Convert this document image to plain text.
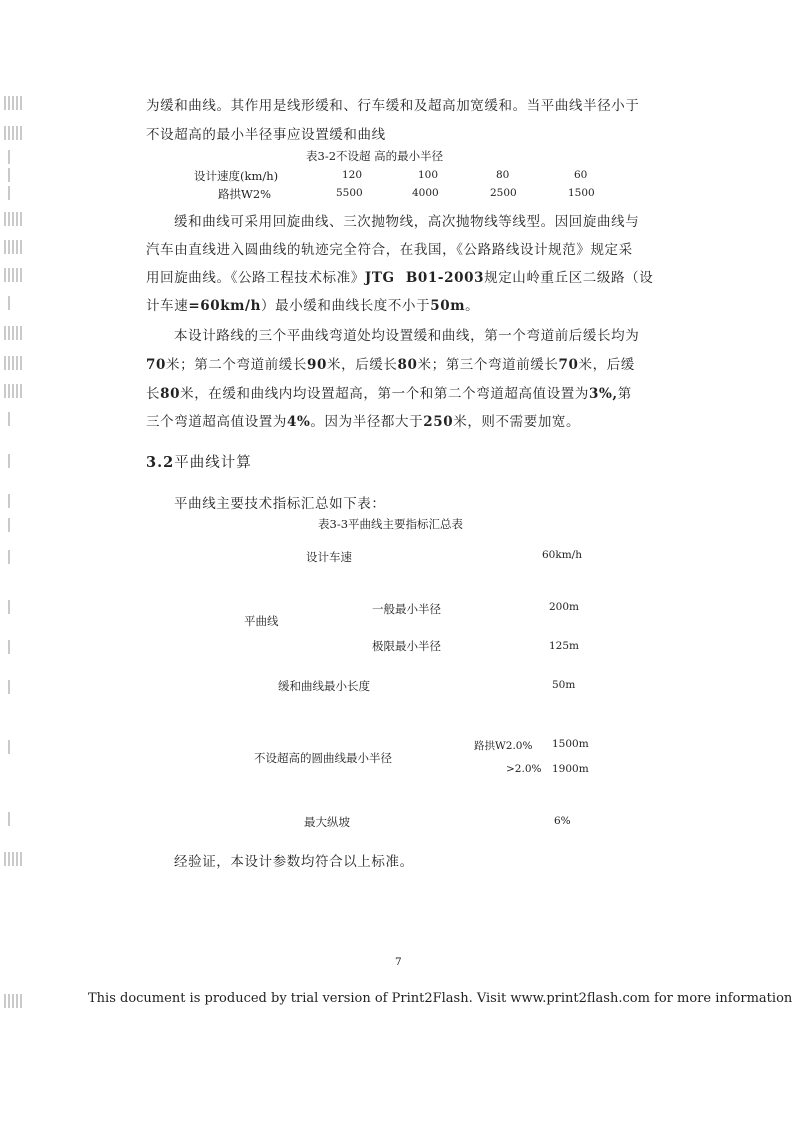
为缓和曲线。其作用是线形缓和、行车缓和及超高加宽缓和。当平曲线半径小于
不设超高的最小半径事应设置缓和曲线
表3-2不设超 高的最小半径
设计速度(km/h)	120	100	80	60
路拱W2%	5500	4000	2500	1500
缓和曲线可采用回旋曲线、三次抛物线，高次抛物线等线型。因回旋曲线与
汽车由直线进入圆曲线的轨迹完全符合，在我国，《公路路线设计规范》规定采
用回旋曲线。《公路工程技术标准》JTG B01-2003规定山岭重丘区二级路（设
计车速=60km/h）最小缓和曲线长度不小于50m。
本设计路线的三个平曲线弯道处均设置缓和曲线，第一个弯道前后缓长均为
70米；第二个弯道前缓长90米，后缓长80米；第三个弯道前缓长70米，后缓
长80米，在缓和曲线内均设置超高，第一个和第二个弯道超高值设置为3%,第
三个弯道超高值设置为4%。因为半径都大于250米，则不需要加宽。
3.2平曲线计算
平曲线主要技术指标汇总如下表：
表3-3平曲线主要指标汇总表
设计车速	60km/h
平曲线
一般最小半径	200m
极限最小半径	125m
缓和曲线最小长度	50m
不设超高的圆曲线最小半径
路拱W2.0% 1500m
>2.0% 1900m
最大纵坡	6%
经验证，本设计参数均符合以上标准。
7
This document is produced by trial version of Print2Flash. Visit www.print2flash.com for more information
